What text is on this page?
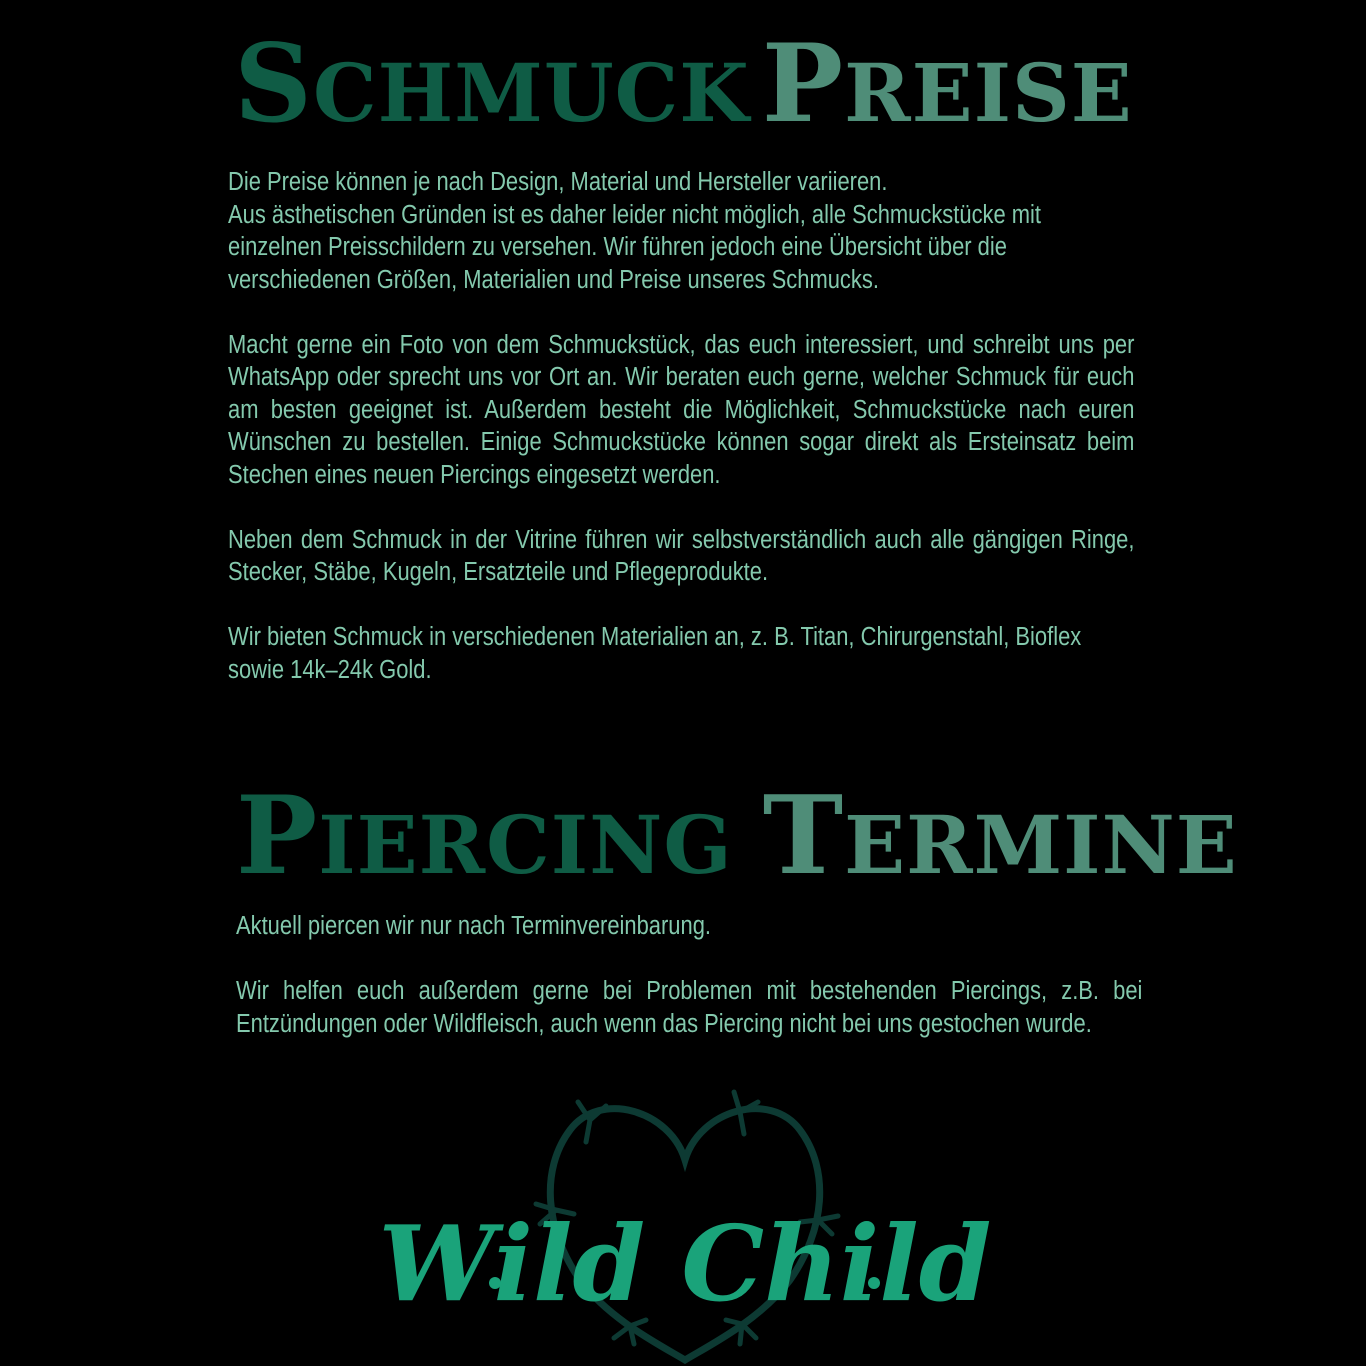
SCHMUCK PREISE

Die Preise können je nach Design, Material und Hersteller variieren.
Aus ästhetischen Gründen ist es daher leider nicht möglich, alle Schmuckstücke mit einzelnen Preisschildern zu versehen. Wir führen jedoch eine Übersicht über die verschiedenen Größen, Materialien und Preise unseres Schmucks.

Macht gerne ein Foto von dem Schmuckstück, das euch interessiert, und schreibt uns per WhatsApp oder sprecht uns vor Ort an. Wir beraten euch gerne, welcher Schmuck für euch am besten geeignet ist. Außerdem besteht die Möglichkeit, Schmuckstücke nach euren Wünschen zu bestellen. Einige Schmuckstücke können sogar direkt als Ersteinsatz beim Stechen eines neuen Piercings eingesetzt werden.

Neben dem Schmuck in der Vitrine führen wir selbstverständlich auch alle gängigen Ringe, Stecker, Stäbe, Kugeln, Ersatzteile und Pflegeprodukte.

Wir bieten Schmuck in verschiedenen Materialien an, z. B. Titan, Chirurgenstahl, Bioflex sowie 14k–24k Gold.

PIERCING TERMINE

Aktuell piercen wir nur nach Terminvereinbarung.

Wir helfen euch außerdem gerne bei Problemen mit bestehenden Piercings, z.B. bei Entzündungen oder Wildfleisch, auch wenn das Piercing nicht bei uns gestochen wurde.

Wild Child
